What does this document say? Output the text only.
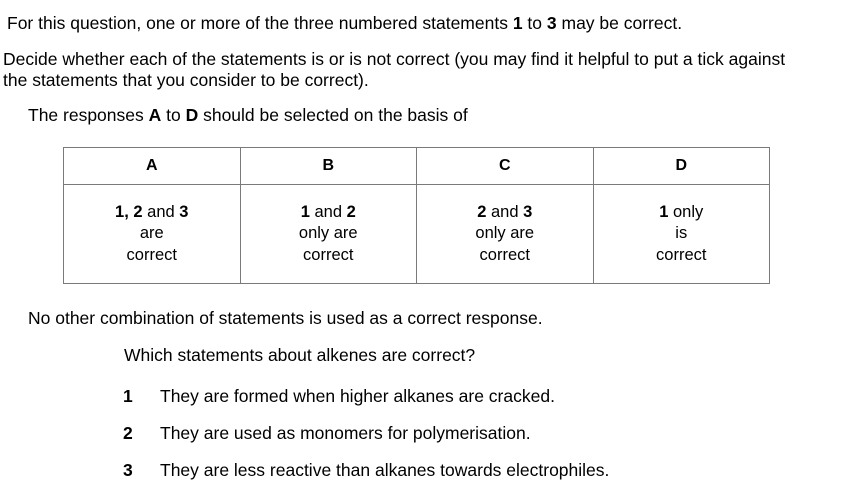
For this question, one or more of the three numbered statements 1 to 3 may be correct.
Decide whether each of the statements is or is not correct (you may find it helpful to put a tick against
the statements that you consider to be correct).
The responses A to D should be selected on the basis of
A	B	C	D

1, 2 and 3
are
correct	1 and 2
only are
correct	2 and 3
only are
correct	1 only
is
correct
No other combination of statements is used as a correct response.
Which statements about alkenes are correct?
1 They are formed when higher alkanes are cracked.
2 They are used as monomers for polymerisation.
3 They are less reactive than alkanes towards electrophiles.
